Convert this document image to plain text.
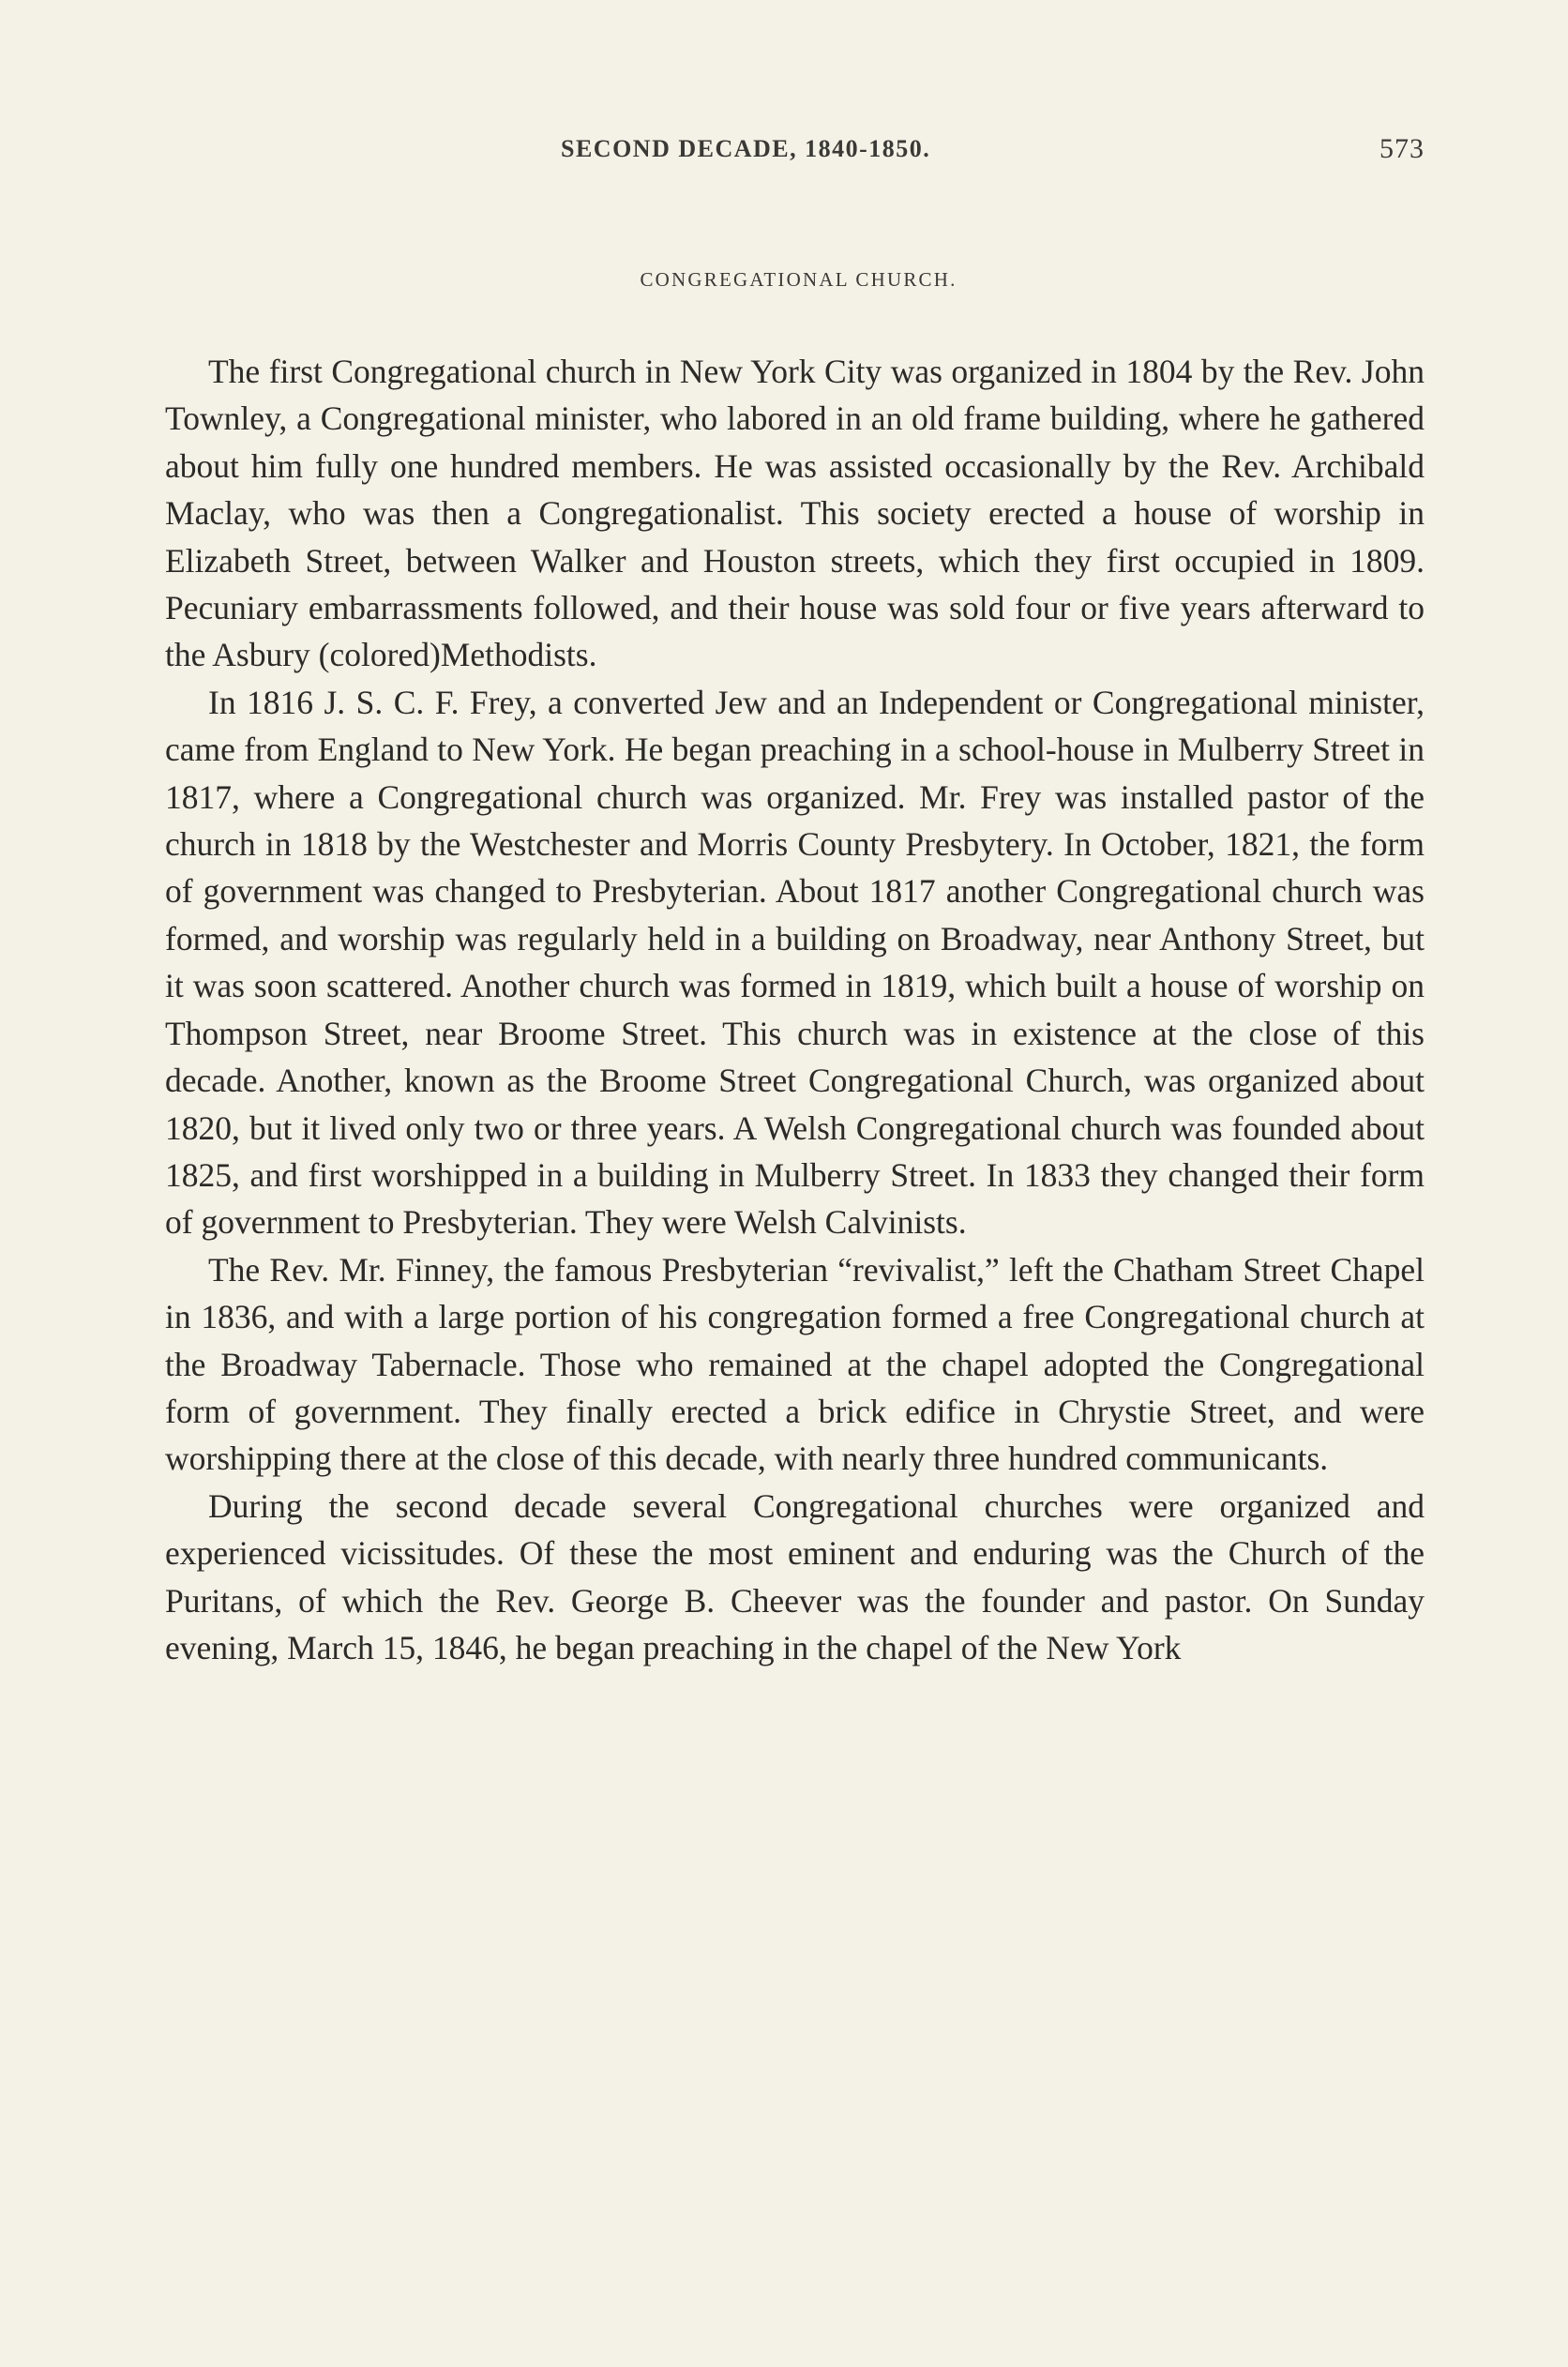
SECOND DECADE, 1840-1850.	573
CONGREGATIONAL CHURCH.

The first Congregational church in New York City was organized in 1804 by the Rev. John Townley, a Congregational minister, who labored in an old frame building, where he gathered about him fully one hundred members. He was assisted occasionally by the Rev. Archibald Maclay, who was then a Congregationalist. This society erected a house of worship in Elizabeth Street, between Walker and Houston streets, which they first occupied in 1809. Pecuniary embarrassments followed, and their house was sold four or five years afterward to the Asbury (colored)Methodists.

In 1816 J. S. C. F. Frey, a converted Jew and an Independent or Congregational minister, came from England to New York. He began preaching in a school-house in Mulberry Street in 1817, where a Congregational church was organized. Mr. Frey was installed pastor of the church in 1818 by the Westchester and Morris County Presbytery. In October, 1821, the form of government was changed to Presbyterian. About 1817 another Congregational church was formed, and worship was regularly held in a building on Broadway, near Anthony Street, but it was soon scattered. Another church was formed in 1819, which built a house of worship on Thompson Street, near Broome Street. This church was in existence at the close of this decade. Another, known as the Broome Street Congregational Church, was organized about 1820, but it lived only two or three years. A Welsh Congregational church was founded about 1825, and first worshipped in a building in Mulberry Street. In 1833 they changed their form of government to Presbyterian. They were Welsh Calvinists.

The Rev. Mr. Finney, the famous Presbyterian “revivalist,” left the Chatham Street Chapel in 1836, and with a large portion of his congregation formed a free Congregational church at the Broadway Tabernacle. Those who remained at the chapel adopted the Congregational form of government. They finally erected a brick edifice in Chrystie Street, and were worshipping there at the close of this decade, with nearly three hundred communicants.

During the second decade several Congregational churches were organized and experienced vicissitudes. Of these the most eminent and enduring was the Church of the Puritans, of which the Rev. George B. Cheever was the founder and pastor. On Sunday evening, March 15, 1846, he began preaching in the chapel of the New York
